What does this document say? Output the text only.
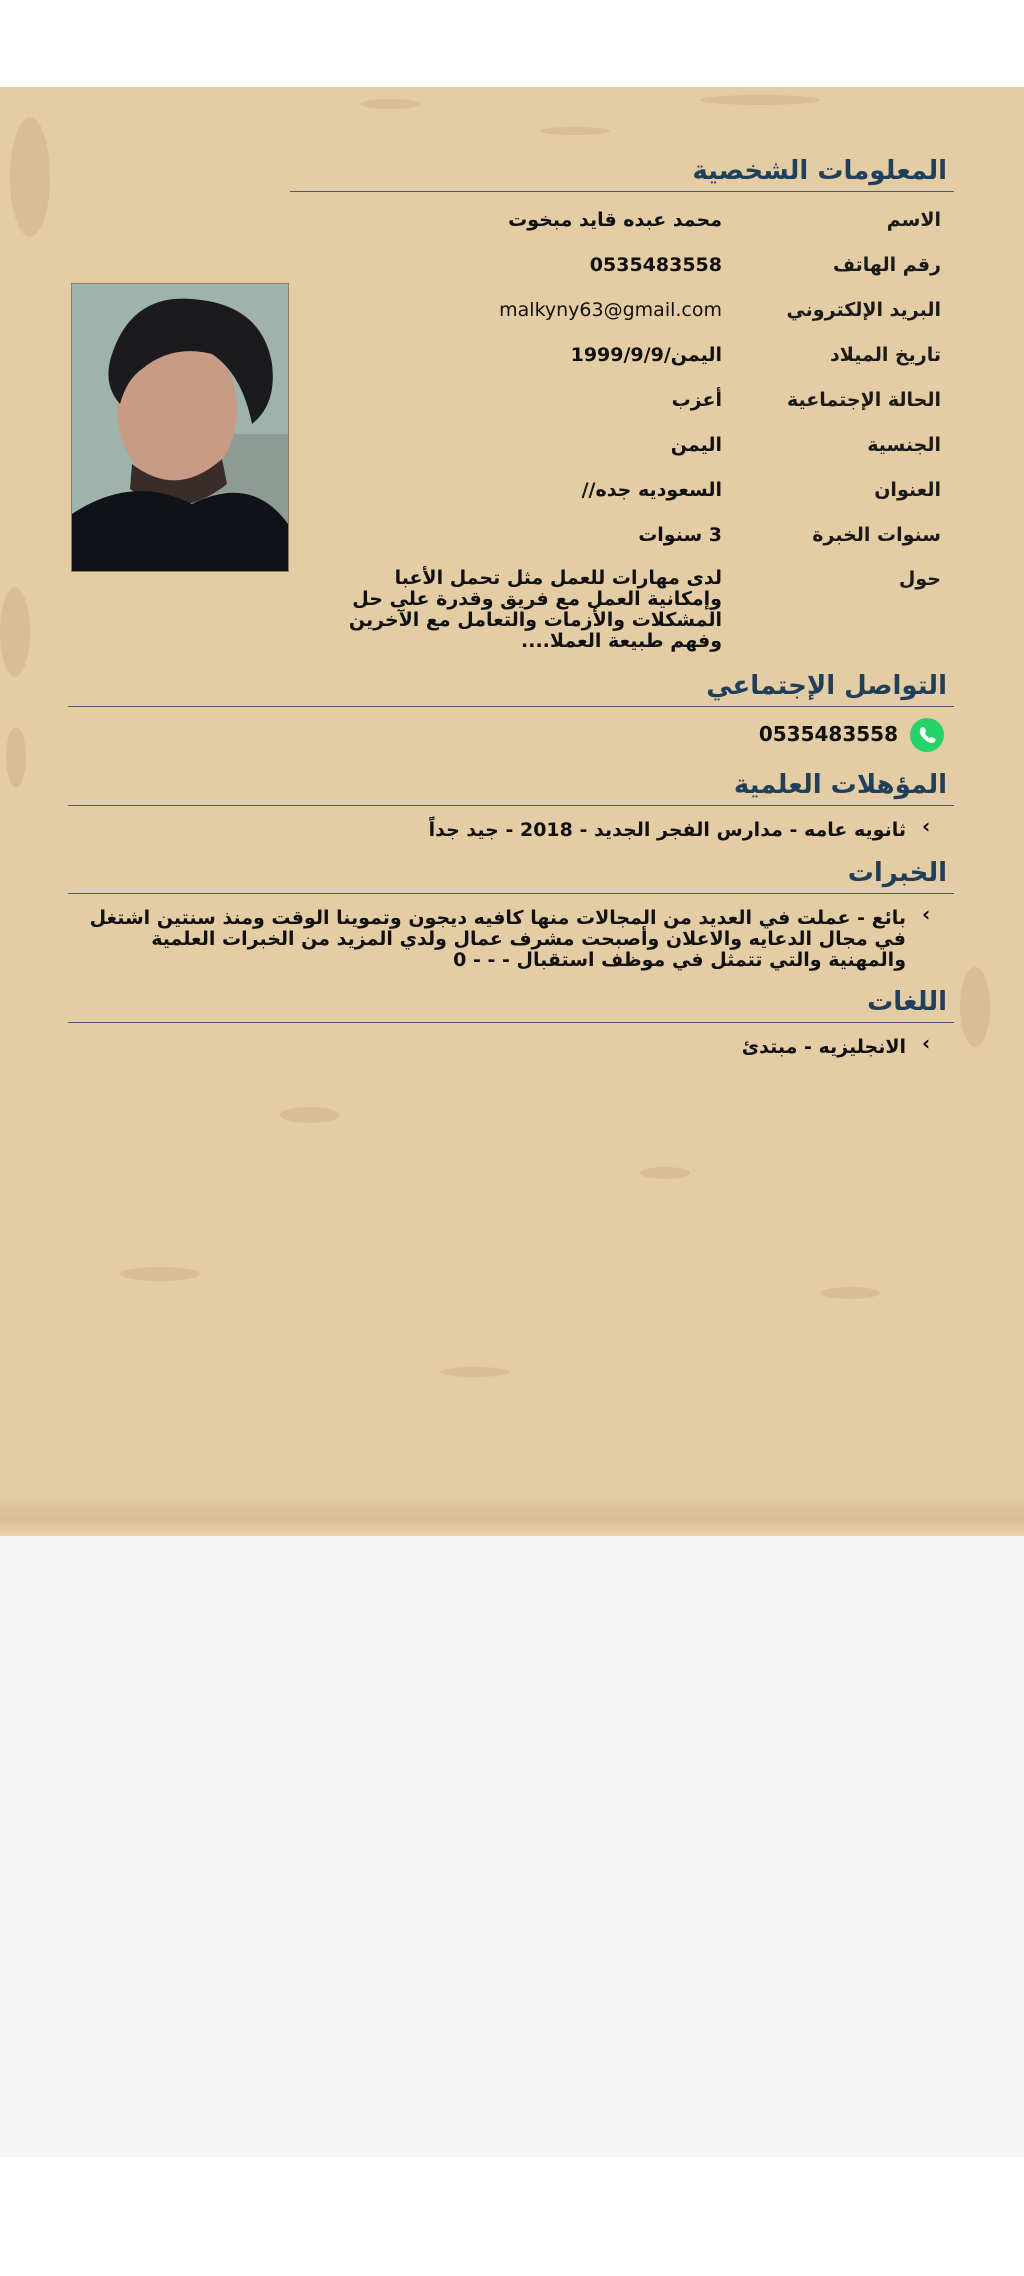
المعلومات الشخصية
الاسم
محمد عبده قايد مبخوت
رقم الهاتف
0535483558
البريد الإلكتروني
malkyny63@gmail.com
تاريخ الميلاد
اليمن/1999/9/9
الحالة الإجتماعية
أعزب
الجنسية
اليمن
العنوان
السعوديه جده//
سنوات الخبرة
3 سنوات
حول
لدى مهارات للعمل مثل تحمل الأعبا وإمكانية العمل مع فريق وقدرة على حل المشكلات والأزمات والتعامل مع الآخرين وفهم طبيعة العملا....
التواصل الإجتماعي
0535483558
المؤهلات العلمية
‹
ثانويه عامه - مدارس الفجر الجديد - 2018 - جيد جداً
الخبرات
‹
بائع - عملت في العديد من المجالات منها كافيه ديجون وتموينا الوقت ومنذ سنتين اشتغل في مجال الدعايه والاعلان وأصبحت مشرف عمال ولدي المزيد من الخبرات العلمية والمهنية والتي تتمثل في موظف استقبال - - - 0
اللغات
‹
الانجليزيه - مبتدئ
